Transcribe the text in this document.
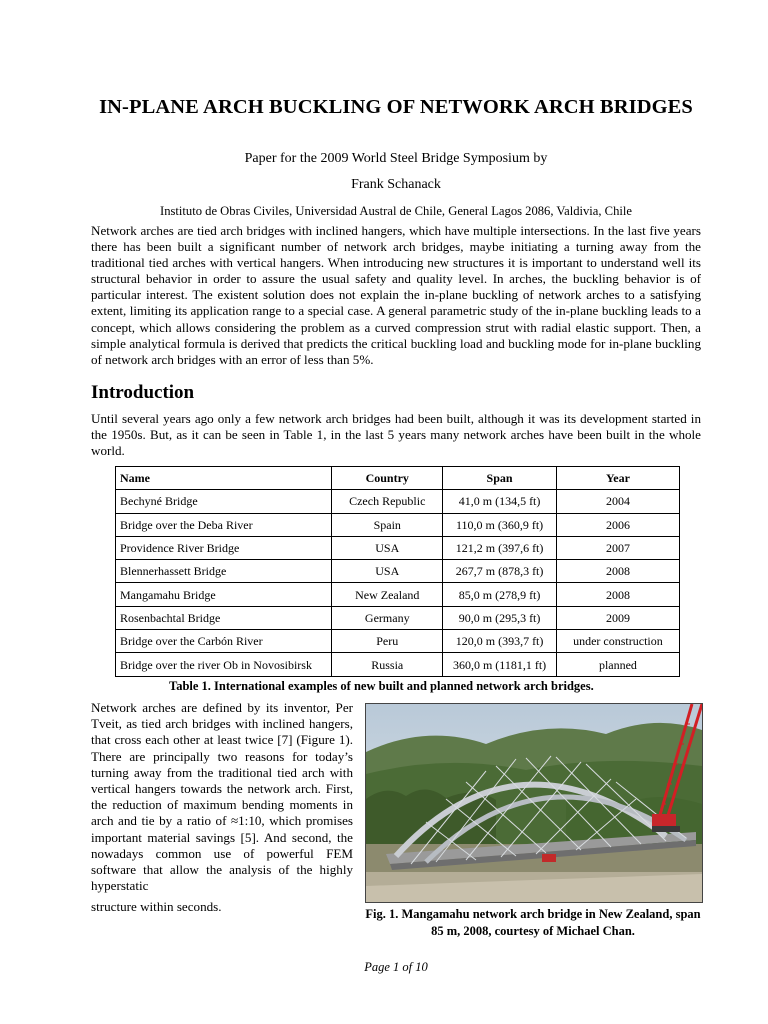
IN-PLANE ARCH BUCKLING OF NETWORK ARCH BRIDGES
Paper for the 2009 World Steel Bridge Symposium by
Frank Schanack
Instituto de Obras Civiles, Universidad Austral de Chile, General Lagos 2086, Valdivia, Chile
Network arches are tied arch bridges with inclined hangers, which have multiple intersections. In the last five years there has been built a significant number of network arch bridges, maybe initiating a turning away from the traditional tied arches with vertical hangers. When introducing new structures it is important to understand well its structural behavior in order to assure the usual safety and quality level. In arches, the buckling behavior is of particular interest. The existent solution does not explain the in-plane buckling of network arches to a satisfying extent, limiting its application range to a special case. A general parametric study of the in-plane buckling leads to a concept, which allows considering the problem as a curved compression strut with radial elastic support. Then, a simple analytical formula is derived that predicts the critical buckling load and buckling mode for in-plane buckling of network arch bridges with an error of less than 5%.
Introduction
Until several years ago only a few network arch bridges had been built, although it was its development started in the 1950s. But, as it can be seen in Table 1, in the last 5 years many network arches have been built in the whole world.
Name	Country	Span	Year
Bechyné Bridge	Czech Republic	41,0 m (134,5 ft)	2004
Bridge over the Deba River	Spain	110,0 m (360,9 ft)	2006
Providence River Bridge	USA	121,2 m (397,6 ft)	2007
Blennerhassett Bridge	USA	267,7 m (878,3 ft)	2008
Mangamahu Bridge	New Zealand	85,0 m (278,9 ft)	2008
Rosenbachtal Bridge	Germany	90,0 m (295,3 ft)	2009
Bridge over the Carbón River	Peru	120,0 m (393,7 ft)	under construction
Bridge over the river Ob in Novosibirsk	Russia	360,0 m (1181,1 ft)	planned
Table 1. International examples of new built and planned network arch bridges.
Network arches are defined by its inventor, Per Tveit, as tied arch bridges with inclined hangers, that cross each other at least twice [7] (Figure 1). There are principally two reasons for today’s turning away from the traditional tied arch with vertical hangers towards the network arch. First, the reduction of maximum bending moments in arch and tie by a ratio of ≈1:10, which promises important material savings [5]. And second, the nowadays common use of powerful FEM software that allow the analysis of the highly hyperstatic
structure within seconds.	Fig. 1. Mangamahu network arch bridge in New Zealand, span 85 m, 2008, courtesy of Michael Chan.
Page 1 of 10
